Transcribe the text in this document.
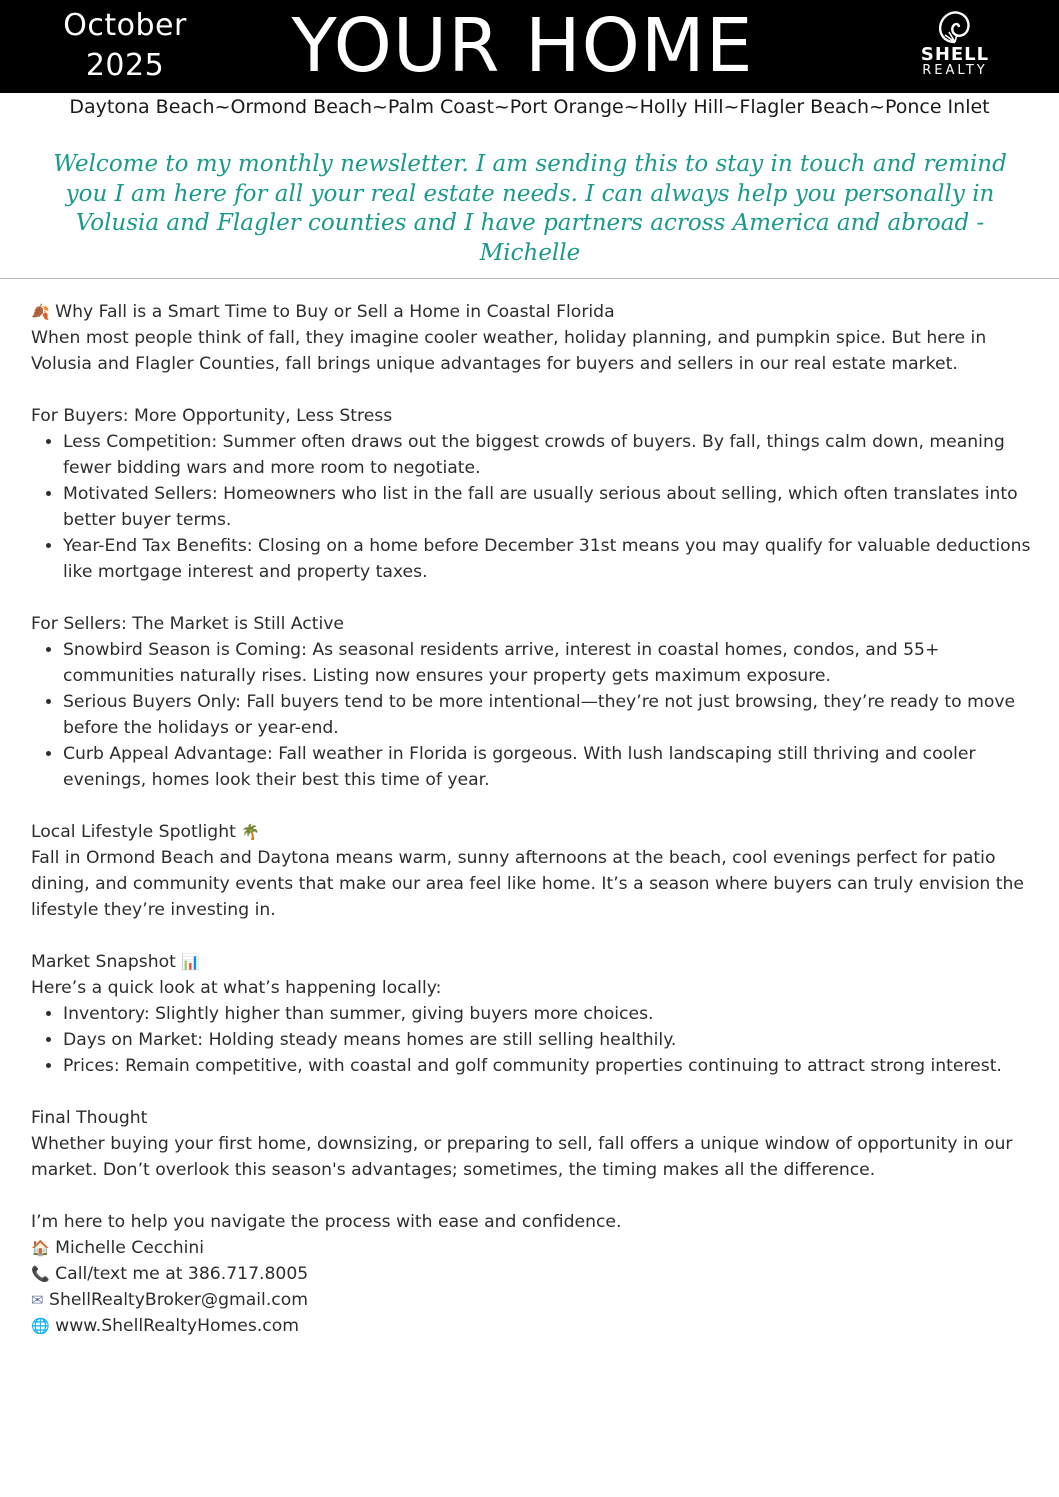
October
2025	YOUR HOME	SHELL
REALTY
Daytona Beach~Ormond Beach~Palm Coast~Port Orange~Holly Hill~Flagler Beach~Ponce Inlet
Welcome to my monthly newsletter. I am sending this to stay in touch and remind you I am here for all your real estate needs. I can always help you personally in Volusia and Flagler counties and I have partners across America and abroad - Michelle

🍂 Why Fall is a Smart Time to Buy or Sell a Home in Coastal Florida

When most people think of fall, they imagine cooler weather, holiday planning, and pumpkin spice. But here in Volusia and Flagler Counties, fall brings unique advantages for buyers and sellers in our real estate market.

For Buyers: More Opportunity, Less Stress

• Less Competition: Summer often draws out the biggest crowds of buyers. By fall, things calm down, meaning fewer bidding wars and more room to negotiate.
• Motivated Sellers: Homeowners who list in the fall are usually serious about selling, which often translates into better buyer terms.
• Year-End Tax Benefits: Closing on a home before December 31st means you may qualify for valuable deductions like mortgage interest and property taxes.

For Sellers: The Market is Still Active

• Snowbird Season is Coming: As seasonal residents arrive, interest in coastal homes, condos, and 55+ communities naturally rises. Listing now ensures your property gets maximum exposure.
• Serious Buyers Only: Fall buyers tend to be more intentional—they’re not just browsing, they’re ready to move before the holidays or year-end.
• Curb Appeal Advantage: Fall weather in Florida is gorgeous. With lush landscaping still thriving and cooler evenings, homes look their best this time of year.

Local Lifestyle Spotlight 🌴

Fall in Ormond Beach and Daytona means warm, sunny afternoons at the beach, cool evenings perfect for patio dining, and community events that make our area feel like home. It’s a season where buyers can truly envision the lifestyle they’re investing in.

Market Snapshot 📊

Here’s a quick look at what’s happening locally:

• Inventory: Slightly higher than summer, giving buyers more choices.
• Days on Market: Holding steady means homes are still selling healthily.
• Prices: Remain competitive, with coastal and golf community properties continuing to attract strong interest.

Final Thought

Whether buying your first home, downsizing, or preparing to sell, fall offers a unique window of opportunity in our market. Don’t overlook this season's advantages; sometimes, the timing makes all the difference.

I’m here to help you navigate the process with ease and confidence.

🏠 Michelle Cecchini

📞 Call/text me at 386.717.8005

✉ ShellRealtyBroker@gmail.com

🌐 www.ShellRealtyHomes.com
